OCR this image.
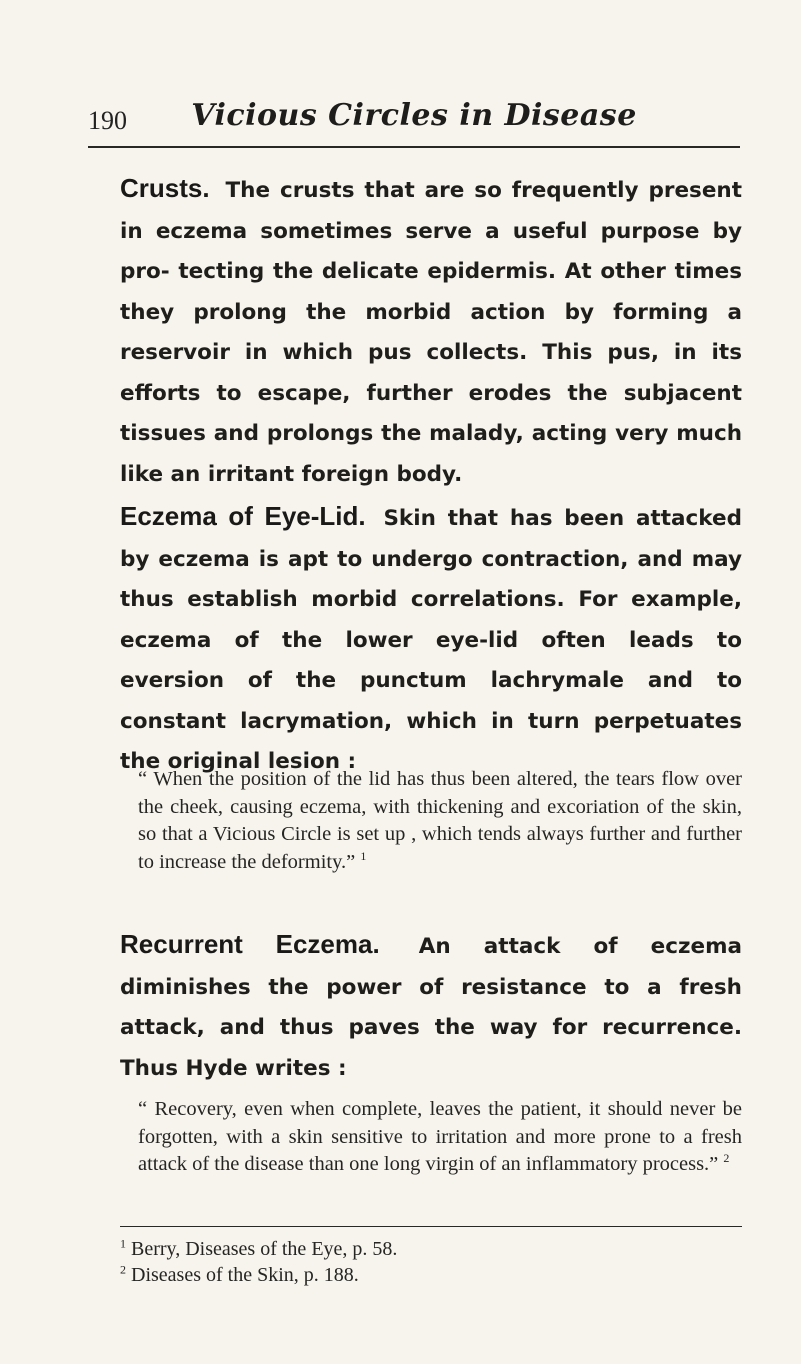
190	Vicious Circles in Disease

Crusts. The crusts that are so frequently present in eczema sometimes serve a useful purpose by pro- tecting the delicate epidermis. At other times they prolong the morbid action by forming a reservoir in which pus collects. This pus, in its efforts to escape, further erodes the subjacent tissues and prolongs the malady, acting very much like an irritant foreign body.

Eczema of Eye-Lid. Skin that has been attacked by eczema is apt to undergo contraction, and may thus establish morbid correlations. For example, eczema of the lower eye-lid often leads to eversion of the punctum lachrymale and to constant lacrymation, which in turn perpetuates the original lesion :

“ When the position of the lid has thus been altered, the tears flow over the cheek, causing eczema, with thickening and excoriation of the skin, so that a Vicious Circle is set up , which tends always further and further to increase the deformity.” $^1$

Recurrent Eczema. An attack of eczema diminishes the power of resistance to a fresh attack, and thus paves the way for recurrence. Thus Hyde writes :

“ Recovery, even when complete, leaves the patient, it should never be forgotten, with a skin sensitive to irritation and more prone to a fresh attack of the disease than one long virgin of an inflammatory process.” $^2$

$^1$ Berry, Diseases of the Eye, p. 58.

$^2$ Diseases of the Skin, p. 188.
